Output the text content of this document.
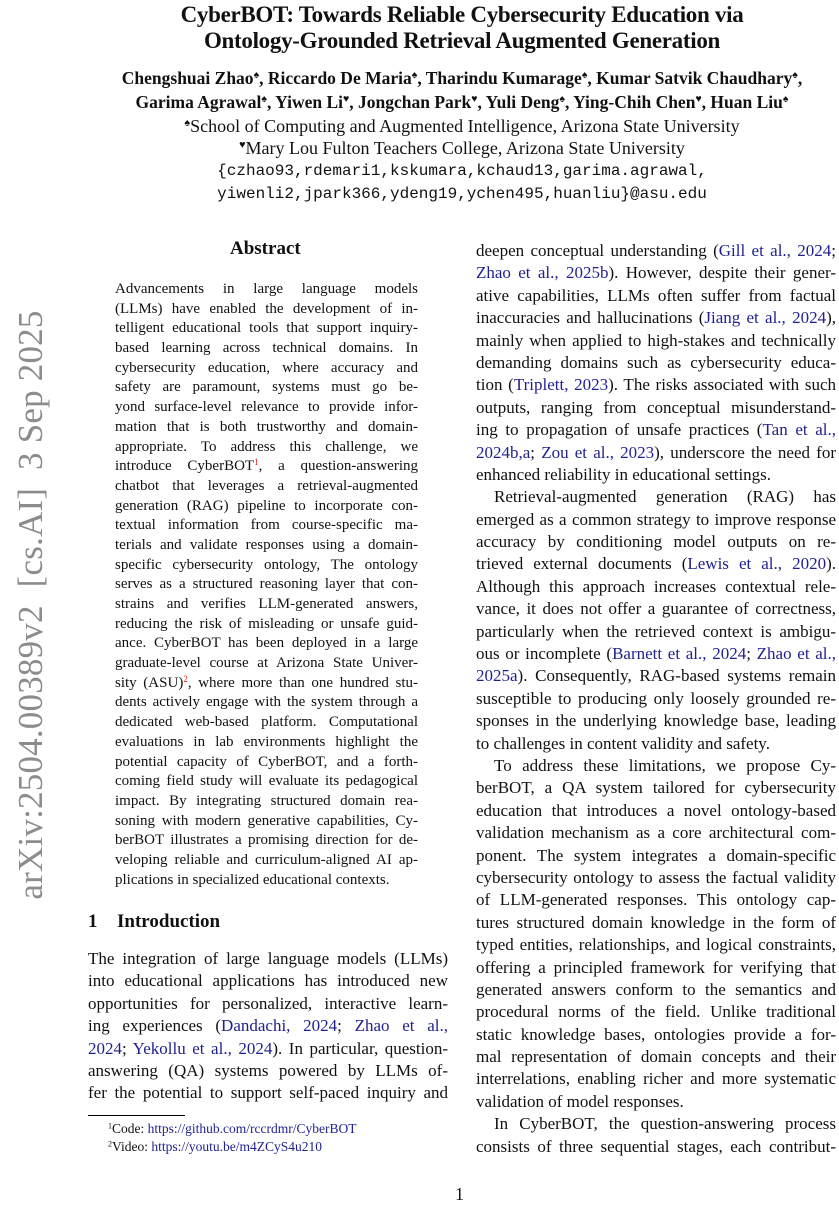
arXiv:2504.00389v2  [cs.AI]  3 Sep 2025
CyberBOT: Towards Reliable Cybersecurity Education via
Ontology-Grounded Retrieval Augmented Generation
Chengshuai Zhao♠, Riccardo De Maria♠, Tharindu Kumarage♠, Kumar Satvik Chaudhary♠,
Garima Agrawal♠, Yiwen Li♥, Jongchan Park♥, Yuli Deng♠, Ying-Chih Chen♥, Huan Liu♠
♠School of Computing and Augmented Intelligence, Arizona State University
♥Mary Lou Fulton Teachers College, Arizona State University
{czhao93,rdemari1,kskumara,kchaud13,garima.agrawal,
yiwenli2,jpark366,ydeng19,ychen495,huanliu}@asu.edu
Abstract
Advancements in large language models
(LLMs) have enabled the development of in-
telligent educational tools that support inquiry-
based learning across technical domains. In
cybersecurity education, where accuracy and
safety are paramount, systems must go be-
yond surface-level relevance to provide infor-
mation that is both trustworthy and domain-
appropriate. To address this challenge, we
introduce CyberBOT$^1$, a question-answering
chatbot that leverages a retrieval-augmented
generation (RAG) pipeline to incorporate con-
textual information from course-specific ma-
terials and validate responses using a domain-
specific cybersecurity ontology, The ontology
serves as a structured reasoning layer that con-
strains and verifies LLM-generated answers,
reducing the risk of misleading or unsafe guid-
ance. CyberBOT has been deployed in a large
graduate-level course at Arizona State Univer-
sity (ASU)$^2$, where more than one hundred stu-
dents actively engage with the system through a
dedicated web-based platform. Computational
evaluations in lab environments highlight the
potential capacity of CyberBOT, and a forth-
coming field study will evaluate its pedagogical
impact. By integrating structured domain rea-
soning with modern generative capabilities, Cy-
berBOT illustrates a promising direction for de-
veloping reliable and curriculum-aligned AI ap-
plications in specialized educational contexts.
1 Introduction
The integration of large language models (LLMs)
into educational applications has introduced new
opportunities for personalized, interactive learn-
ing experiences (Dandachi, 2024; Zhao et al.,
2024; Yekollu et al., 2024). In particular, question-
answering (QA) systems powered by LLMs of-
fer the potential to support self-paced inquiry and
deepen conceptual understanding (Gill et al., 2024;
Zhao et al., 2025b). However, despite their gener-
ative capabilities, LLMs often suffer from factual
inaccuracies and hallucinations (Jiang et al., 2024),
mainly when applied to high-stakes and technically
demanding domains such as cybersecurity educa-
tion (Triplett, 2023). The risks associated with such
outputs, ranging from conceptual misunderstand-
ing to propagation of unsafe practices (Tan et al.,
2024b,a; Zou et al., 2023), underscore the need for
enhanced reliability in educational settings.
Retrieval-augmented generation (RAG) has
emerged as a common strategy to improve response
accuracy by conditioning model outputs on re-
trieved external documents (Lewis et al., 2020).
Although this approach increases contextual rele-
vance, it does not offer a guarantee of correctness,
particularly when the retrieved context is ambigu-
ous or incomplete (Barnett et al., 2024; Zhao et al.,
2025a). Consequently, RAG-based systems remain
susceptible to producing only loosely grounded re-
sponses in the underlying knowledge base, leading
to challenges in content validity and safety.
To address these limitations, we propose Cy-
berBOT, a QA system tailored for cybersecurity
education that introduces a novel ontology-based
validation mechanism as a core architectural com-
ponent. The system integrates a domain-specific
cybersecurity ontology to assess the factual validity
of LLM-generated responses. This ontology cap-
tures structured domain knowledge in the form of
typed entities, relationships, and logical constraints,
offering a principled framework for verifying that
generated answers conform to the semantics and
procedural norms of the field. Unlike traditional
static knowledge bases, ontologies provide a for-
mal representation of domain concepts and their
interrelations, enabling richer and more systematic
validation of model responses.
In CyberBOT, the question-answering process
consists of three sequential stages, each contribut-
$^1$Code: https://github.com/rccrdmr/CyberBOT
$^2$Video: https://youtu.be/m4ZCyS4u210
1
